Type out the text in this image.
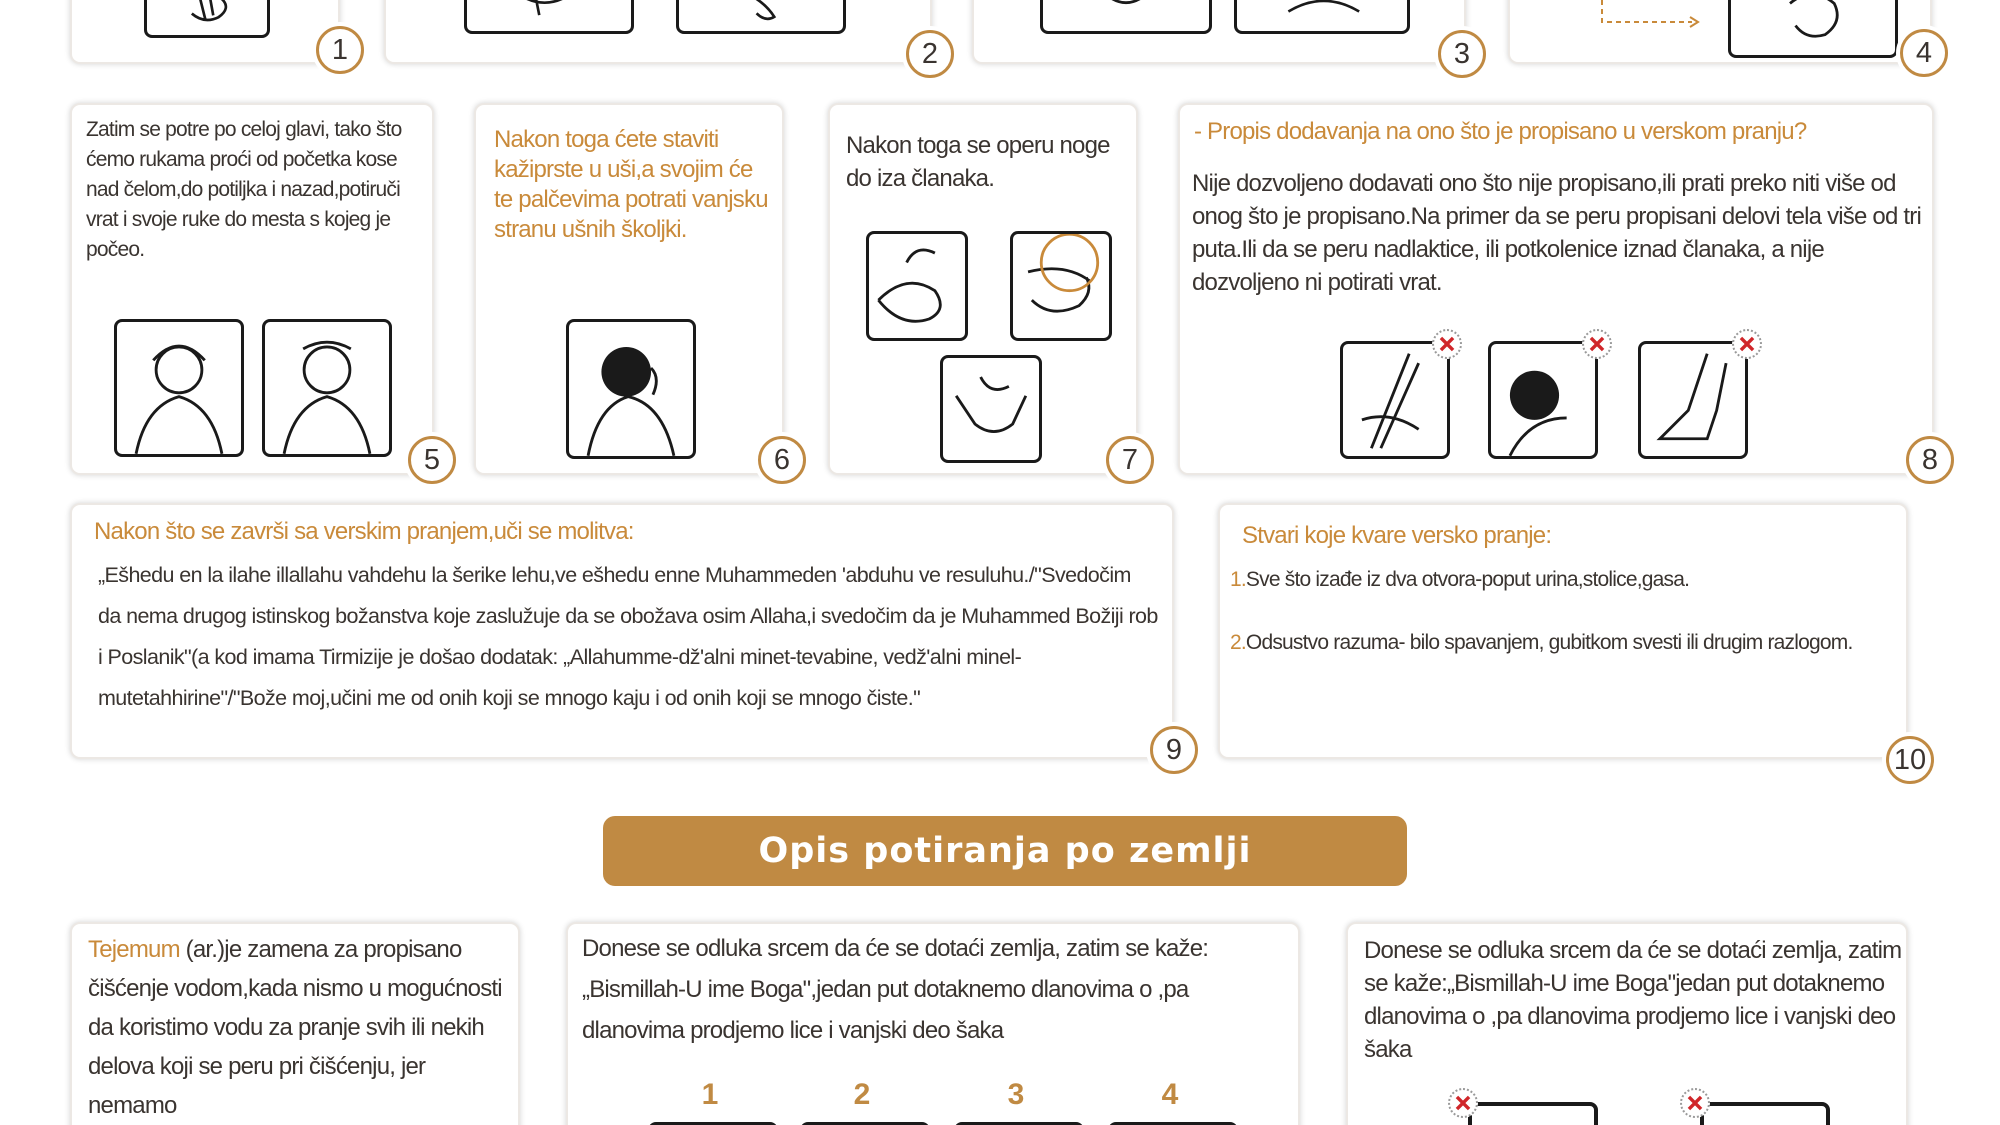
1	2	3	4
Zatim se potre po celoj glavi, tako što ćemo rukama proći od početka kose nad čelom,do potiljka i nazad,potiruči vrat i svoje ruke do mesta s kojeg je počeo.
5
Nakon toga ćete staviti kažiprste u uši,a svojim će te palčevima potrati vanjsku stranu ušnih školjki.
6
Nakon toga se operu noge do iza članaka.
7
- Propis dodavanja na ono što je propisano u verskom pranju?
Nije dozvoljeno dodavati ono što nije propisano,ili prati preko niti više od onog što je propisano.Na primer da se peru propisani delovi tela više od tri puta.Ili da se peru nadlaktice, ili potkolenice iznad članaka, a nije dozvoljeno ni potirati vrat.
8
Nakon što se završi sa verskim pranjem,uči se molitva:
„Ešhedu en la ilahe illallahu vahdehu la šerike lehu,ve ešhedu enne Muhammeden 'abduhu ve resuluhu./"Svedočim da nema drugog istinskog božanstva koje zaslužuje da se obožava osim Allaha,i svedočim da je Muhammed Božiji rob i Poslanik"(a kod imama Tirmizije je došao dodatak: „Allahumme-dž'alni minet-tevabine, vedž'alni minel-mutetahhirine"/"Bože moj,učini me od onih koji se mnogo kaju i od onih koji se mnogo čiste."
9
Stvari koje kvare versko pranje:
1.Sve što izađe iz dva otvora-poput urina,stolice,gasa.
2.Odsustvo razuma- bilo spavanjem, gubitkom svesti ili drugim razlogom.
10
Opis potiranja po zemlji
Tejemum (ar.)je zamena za propisano čišćenje vodom,kada nismo u mogućnosti da koristimo vodu za pranje svih ili nekih delova koji se peru pri čišćenju, jer nemamo
Donese se odluka srcem da će se dotaći zemlja, zatim se kaže:„Bismillah-U ime Boga",jedan put dotaknemo dlanovima o ,pa dlanovima prodjemo lice i vanjski deo šaka
1	2	3	4
Donese se odluka srcem da će se dotaći zemlja, zatim se kaže:„Bismillah-U ime Boga"jedan put dotaknemo dlanovima o ,pa dlanovima prodjemo lice i vanjski deo šaka
